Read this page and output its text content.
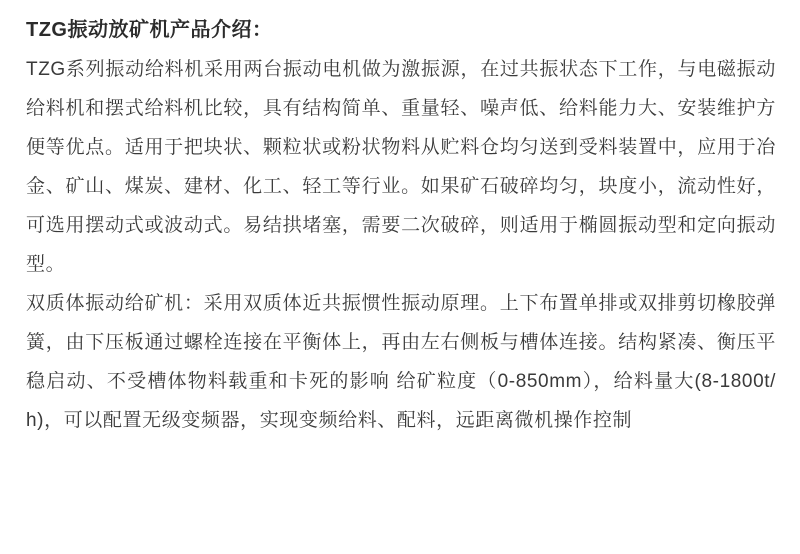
TZG振动放矿机产品介绍：

TZG系列振动给料机采用两台振动电机做为激振源，在过共振状态下工作，与电磁振动给料机和摆式给料机比较，具有结构简单、重量轻、噪声低、给料能力大、安装维护方便等优点。适用于把块状、颗粒状或粉状物料从贮料仓均匀送到受料装置中，应用于冶金、矿山、煤炭、建材、化工、轻工等行业。如果矿石破碎均匀，块度小，流动性好，可选用摆动式或波动式。易结拱堵塞，需要二次破碎，则适用于椭圆振动型和定向振动型。

双质体振动给矿机：采用双质体近共振惯性振动原理。上下布置单排或双排剪切橡胶弹簧，由下压板通过螺栓连接在平衡体上，再由左右侧板与槽体连接。结构紧凑、衡压平稳启动、不受槽体物料载重和卡死的影响 给矿粒度（0-850mm），给料量大(8-1800t/h)，可以配置无级变频器，实现变频给料、配料，远距离微机操作控制
